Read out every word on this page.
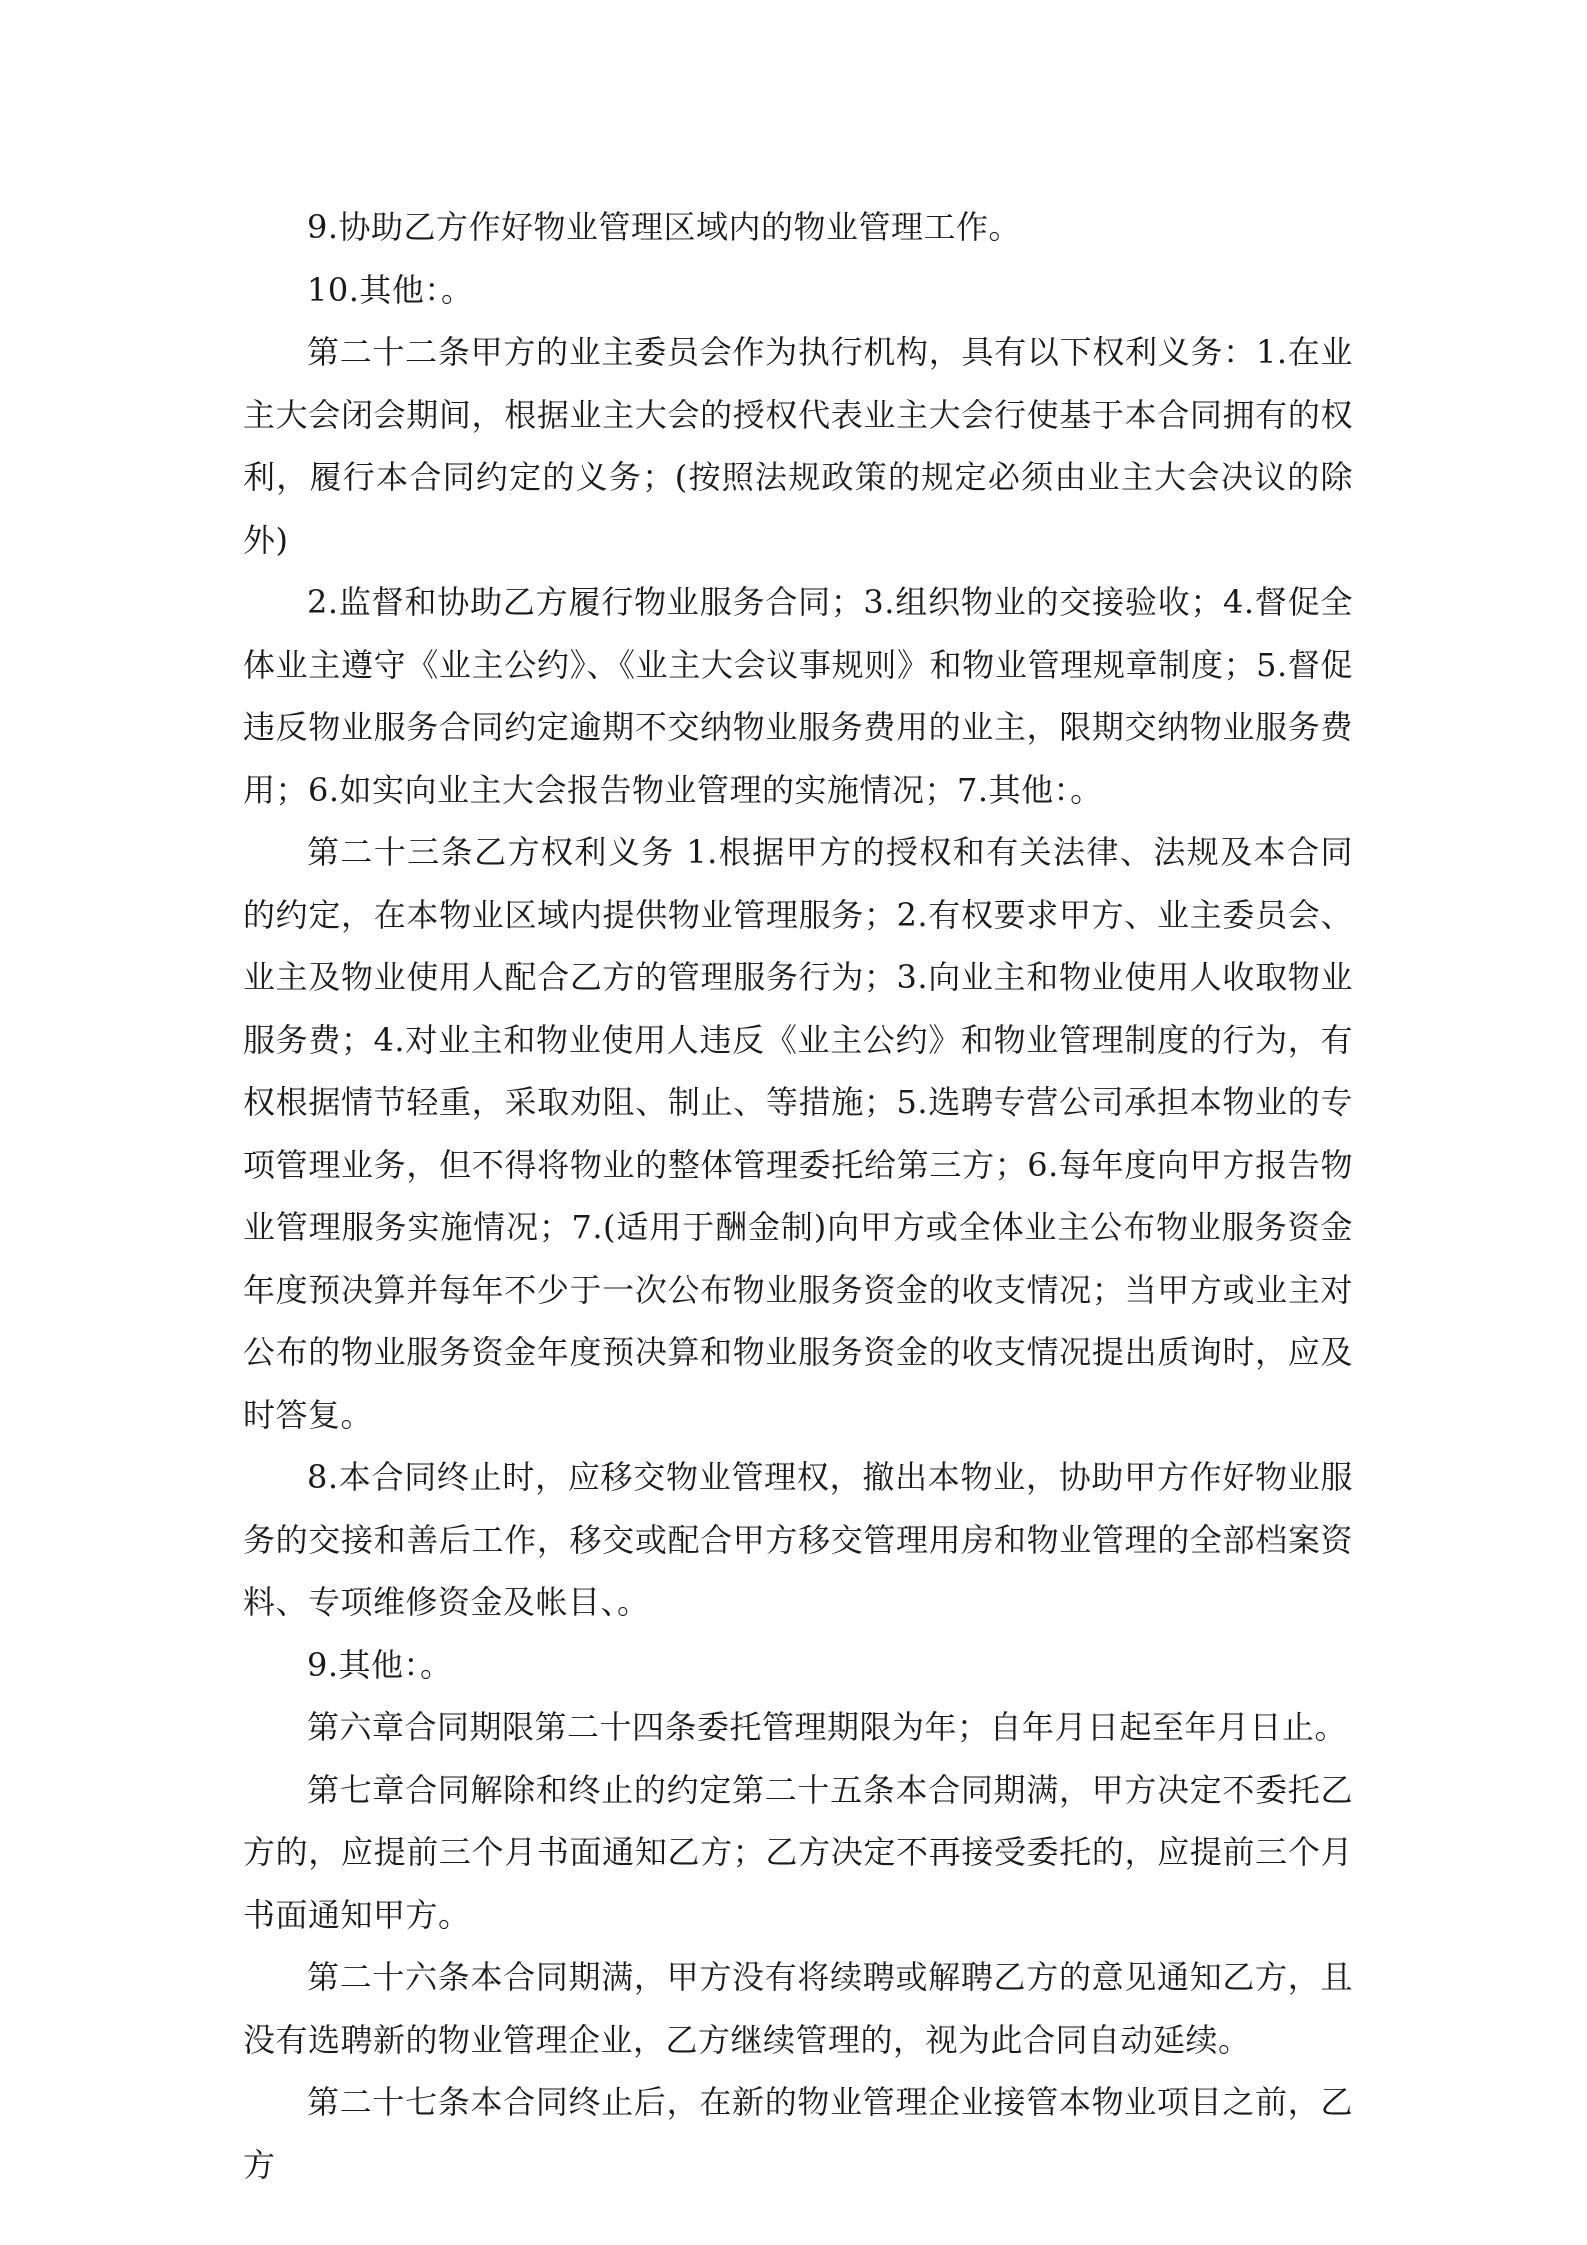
9.协助乙方作好物业管理区域内的物业管理工作。

10.其他：。

第二十二条甲方的业主委员会作为执行机构，具有以下权利义务：1.在业主大会闭会期间，根据业主大会的授权代表业主大会行使基于本合同拥有的权利，履行本合同约定的义务；(按照法规政策的规定必须由业主大会决议的除外)

2.监督和协助乙方履行物业服务合同；3.组织物业的交接验收；4.督促全体业主遵守《业主公约》、《业主大会议事规则》和物业管理规章制度；5.督促违反物业服务合同约定逾期不交纳物业服务费用的业主，限期交纳物业服务费用；6.如实向业主大会报告物业管理的实施情况；7.其他：。

第二十三条乙方权利义务 1.根据甲方的授权和有关法律、法规及本合同的约定，在本物业区域内提供物业管理服务；2.有权要求甲方、业主委员会、业主及物业使用人配合乙方的管理服务行为；3.向业主和物业使用人收取物业服务费；4.对业主和物业使用人违反《业主公约》和物业管理制度的行为，有权根据情节轻重，采取劝阻、制止、等措施；5.选聘专营公司承担本物业的专项管理业务，但不得将物业的整体管理委托给第三方；6.每年度向甲方报告物业管理服务实施情况；7.(适用于酬金制)向甲方或全体业主公布物业服务资金年度预决算并每年不少于一次公布物业服务资金的收支情况；当甲方或业主对公布的物业服务资金年度预决算和物业服务资金的收支情况提出质询时，应及时答复。

8.本合同终止时，应移交物业管理权，撤出本物业，协助甲方作好物业服务的交接和善后工作，移交或配合甲方移交管理用房和物业管理的全部档案资料、专项维修资金及帐目、。

9.其他：。

第六章合同期限第二十四条委托管理期限为年；自年月日起至年月日止。

第七章合同解除和终止的约定第二十五条本合同期满，甲方决定不委托乙方的，应提前三个月书面通知乙方；乙方决定不再接受委托的，应提前三个月书面通知甲方。

第二十六条本合同期满，甲方没有将续聘或解聘乙方的意见通知乙方，且没有选聘新的物业管理企业，乙方继续管理的，视为此合同自动延续。

第二十七条本合同终止后，在新的物业管理企业接管本物业项目之前，乙方
